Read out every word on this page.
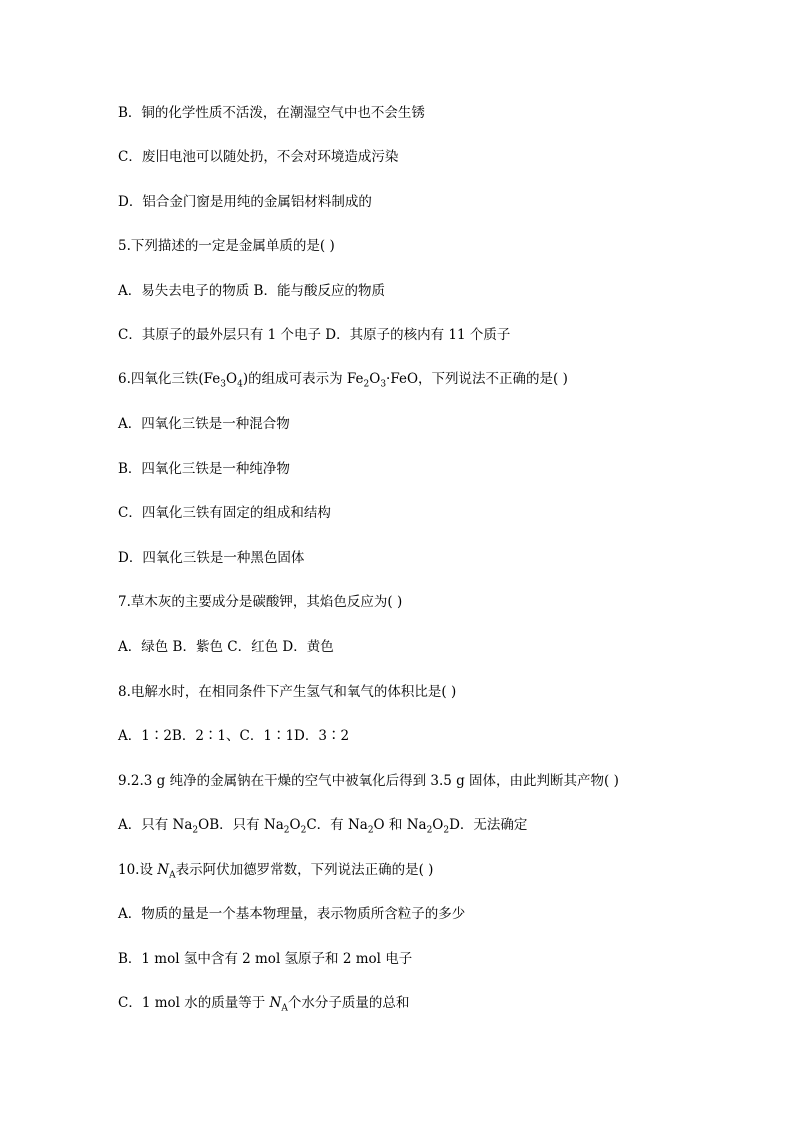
B．铜的化学性质不活泼，在潮湿空气中也不会生锈
C．废旧电池可以随处扔，不会对环境造成污染
D．铝合金门窗是用纯的金属铝材料制成的
5.下列描述的一定是金属单质的是( )
A．易失去电子的物质 B．能与酸反应的物质
C．其原子的最外层只有 1 个电子 D．其原子的核内有 11 个质子
6.四氧化三铁$(Fe_3O_4)$的组成可表示为 $Fe_2O_3\cdot FeO$，下列说法不正确的是( )
A．四氧化三铁是一种混合物
B．四氧化三铁是一种纯净物
C．四氧化三铁有固定的组成和结构
D．四氧化三铁是一种黑色固体
7.草木灰的主要成分是碳酸钾，其焰色反应为( )
A．绿色 B．紫色 C．红色 D．黄色
8.电解水时，在相同条件下产生氢气和氧气的体积比是( )
A．1∶2B．2∶1、C．1∶1D．3∶2
9.2.3 g 纯净的金属钠在干燥的空气中被氧化后得到 3.5 g 固体，由此判断其产物( )
A．只有 $Na_2OB$．只有 $Na_2O_2C$．有 $Na_2O$ 和 $Na_2O_2D$．无法确定
10.设 $N_A$表示阿伏加德罗常数，下列说法正确的是( )
A．物质的量是一个基本物理量，表示物质所含粒子的多少
B．1 mol 氢中含有 2 mol 氢原子和 2 mol 电子
C．1 mol 水的质量等于 $N_A$个水分子质量的总和
